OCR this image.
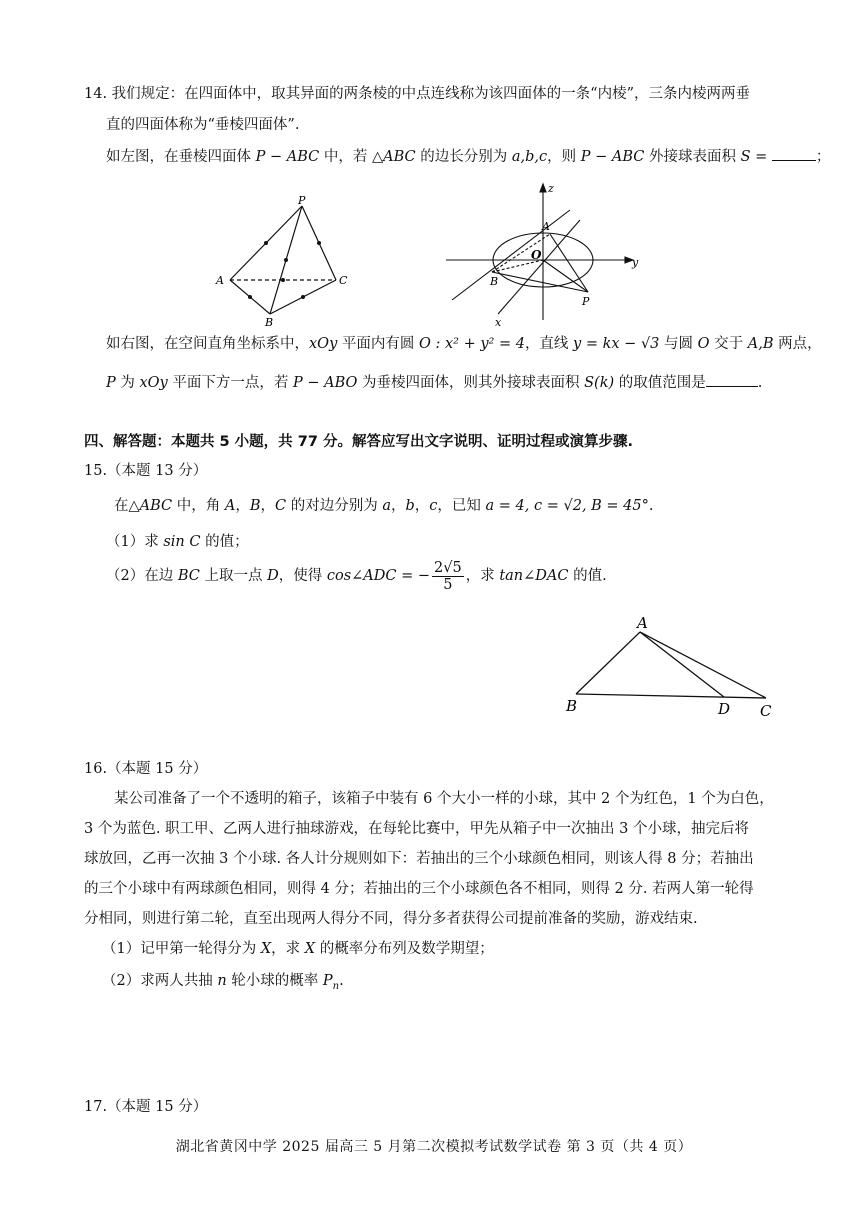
14. 我们规定：在四面体中，取其异面的两条棱的中点连线称为该四面体的一条“内棱”，三条内棱两两垂
直的四面体称为“垂棱四面体”.
如左图，在垂棱四面体 P − ABC 中，若 △ABC 的边长分别为 a,b,c，则 P − ABC 外接球表面积 S =	；
P
A
B
C
z
y
x
A
O
B
P
如右图，在空间直角坐标系中，xOy 平面内有圆 O : x² + y² = 4，直线 y = kx − √3 与圆 O 交于 A,B 两点，
P 为 xOy 平面下方一点，若 P − ABO 为垂棱四面体，则其外接球表面积 S(k) 的取值范围是	.
四、解答题：本题共 5 小题，共 77 分。解答应写出文字说明、证明过程或演算步骤.
15.（本题 13 分）
在△ABC 中，角 A，B，C 的对边分别为 a，b，c，已知 a = 4, c = √2, B = 45°.
（1）求 sin C 的值；
（2）在边 BC 上取一点 D，使得 cos∠ADC = − $\frac{2√5}{5}$ ，求 tan∠DAC 的值.
A
B	D C
16.（本题 15 分）
某公司准备了一个不透明的箱子，该箱子中装有 6 个大小一样的小球，其中 2 个为红色，1 个为白色，
3 个为蓝色. 职工甲、乙两人进行抽球游戏，在每轮比赛中，甲先从箱子中一次抽出 3 个小球，抽完后将
球放回，乙再一次抽 3 个小球. 各人计分规则如下：若抽出的三个小球颜色相同，则该人得 8 分；若抽出
的三个小球中有两球颜色相同，则得 4 分；若抽出的三个小球颜色各不相同，则得 2 分. 若两人第一轮得
分相同，则进行第二轮，直至出现两人得分不同，得分多者获得公司提前准备的奖励，游戏结束.
（1）记甲第一轮得分为 X，求 X 的概率分布列及数学期望；
（2）求两人共抽 n 轮小球的概率 $P_n$.
17.（本题 15 分）
湖北省黄冈中学 2025 届高三 5 月第二次模拟考试数学试卷 第 3 页（共 4 页）
